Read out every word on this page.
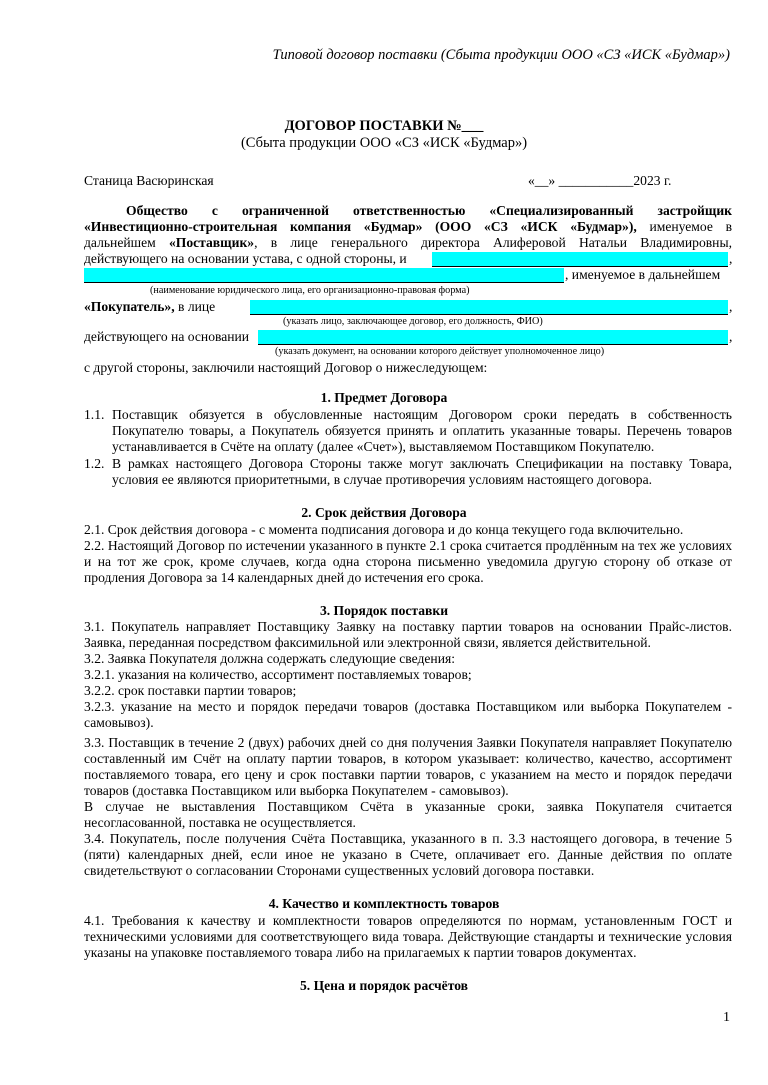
Типовой договор поставки (Сбыта продукции ООО «СЗ «ИСК «Будмар»)
ДОГОВОР ПОСТАВКИ №___
(Сбыта продукции ООО «СЗ «ИСК «Будмар»)
Станица Васюринская	«__» ___________2023 г.
Общество с ограниченной ответственностью «Специализированный застройщик
«Инвестиционно-строительная компания «Будмар» (ООО «СЗ «ИСК «Будмар»), именуемое в
дальнейшем «Поставщик», в лице генерального директора Алиферовой Натальи Владимировны,
действующего на основании устава, с одной стороны, и	,
, именуемое в дальнейшем
(наименование юридического лица, его организационно-правовая форма)
«Покупатель», в лице	,
(указать лицо, заключающее договор, его должность, ФИО)
действующего на основании	,
(указать документ, на основании которого действует уполномоченное лицо)
с другой стороны, заключили настоящий Договор о нижеследующем:
1. Предмет Договора
1.1. Поставщик обязуется в обусловленные настоящим Договором сроки передать в собственность Покупателю товары, а Покупатель обязуется принять и оплатить указанные товары. Перечень товаров устанавливается в Счёте на оплату (далее «Счет»), выставляемом Поставщиком Покупателю.
1.2. В рамках настоящего Договора Стороны также могут заключать Спецификации на поставку Товара, условия ее являются приоритетными, в случае противоречия условиям настоящего договора.
2. Срок действия Договора
2.1. Срок действия договора - с момента подписания договора и до конца текущего года включительно.
2.2. Настоящий Договор по истечении указанного в пункте 2.1 срока считается продлённым на тех же условиях и на тот же срок, кроме случаев, когда одна сторона письменно уведомила другую сторону об отказе от продления Договора за 14 календарных дней до истечения его срока.
3. Порядок поставки
3.1. Покупатель направляет Поставщику Заявку на поставку партии товаров на основании Прайс-листов. Заявка, переданная посредством факсимильной или электронной связи, является действительной.
3.2. Заявка Покупателя должна содержать следующие сведения:
3.2.1. указания на количество, ассортимент поставляемых товаров;
3.2.2. срок поставки партии товаров;
3.2.3. указание на место и порядок передачи товаров (доставка Поставщиком или выборка Покупателем - самовывоз).
3.3. Поставщик в течение 2 (двух) рабочих дней со дня получения Заявки Покупателя направляет Покупателю составленный им Счёт на оплату партии товаров, в котором указывает: количество, качество, ассортимент поставляемого товара, его цену и срок поставки партии товаров, с указанием на место и порядок передачи товаров (доставка Поставщиком или выборка Покупателем - самовывоз).
В случае не выставления Поставщиком Счёта в указанные сроки, заявка Покупателя считается несогласованной, поставка не осуществляется.
3.4. Покупатель, после получения Счёта Поставщика, указанного в п. 3.3 настоящего договора, в течение 5 (пяти) календарных дней, если иное не указано в Счете, оплачивает его. Данные действия по оплате свидетельствуют о согласовании Сторонами существенных условий договора поставки.
4. Качество и комплектность товаров
4.1. Требования к качеству и комплектности товаров определяются по нормам, установленным ГОСТ и техническими условиями для соответствующего вида товара. Действующие стандарты и технические условия указаны на упаковке поставляемого товара либо на прилагаемых к партии товаров документах.
5. Цена и порядок расчётов
1
